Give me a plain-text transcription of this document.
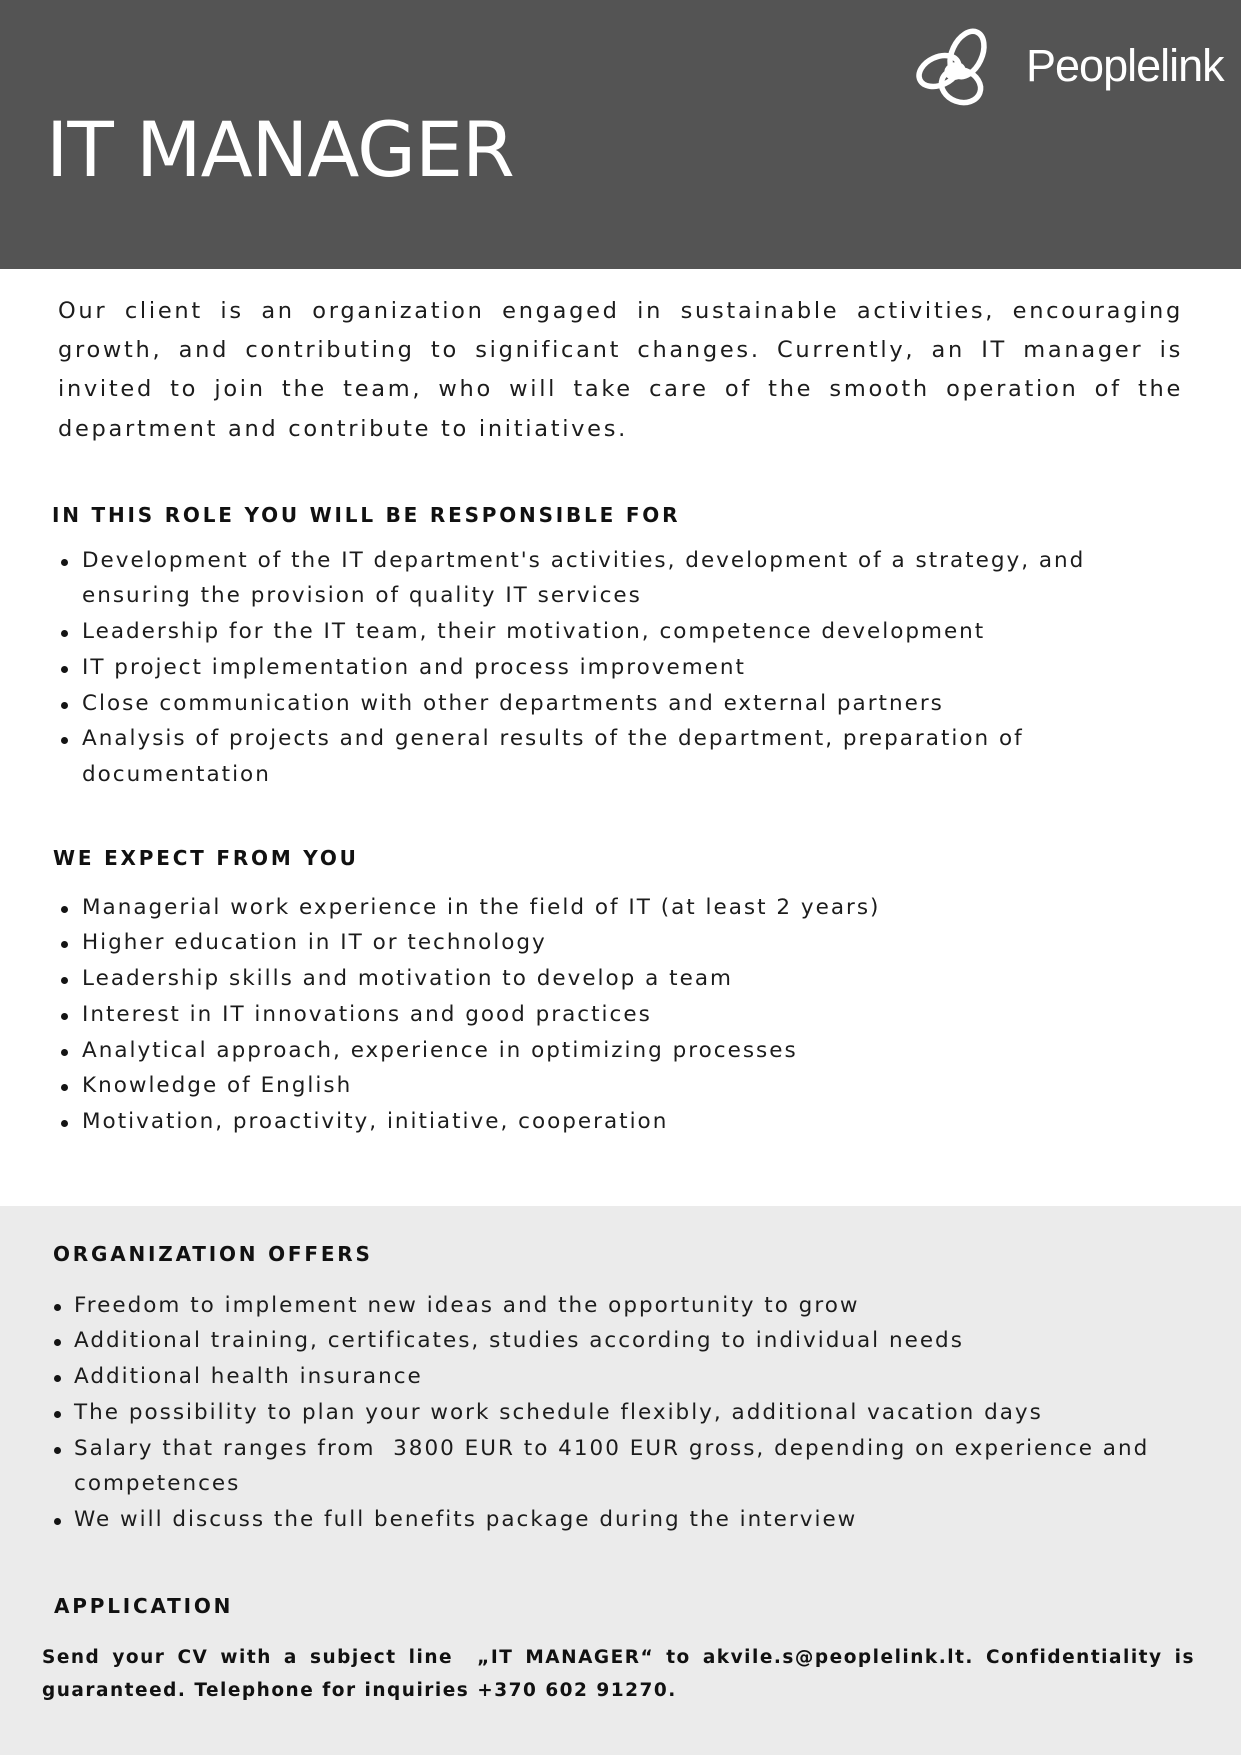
IT MANAGER
Peoplelink

Our client is an organization engaged in sustainable activities, encouraging growth, and contributing to significant changes. Currently, an IT manager is invited to join the team, who will take care of the smooth operation of the department and contribute to initiatives.

IN THIS ROLE YOU WILL BE RESPONSIBLE FOR
Development of the IT department's activities, development of a strategy, and ensuring the provision of quality IT services
Leadership for the IT team, their motivation, competence development
IT project implementation and process improvement
Close communication with other departments and external partners
Analysis of projects and general results of the department, preparation of documentation
WE EXPECT FROM YOU
Managerial work experience in the field of IT (at least 2 years)
Higher education in IT or technology
Leadership skills and motivation to develop a team
Interest in IT innovations and good practices
Analytical approach, experience in optimizing processes
Knowledge of English
Motivation, proactivity, initiative, cooperation
ORGANIZATION OFFERS
Freedom to implement new ideas and the opportunity to grow
Additional training, certificates, studies according to individual needs
Additional health insurance
The possibility to plan your work schedule flexibly, additional vacation days
Salary that ranges from  3800 EUR to 4100 EUR gross, depending on experience and competences
We will discuss the full benefits package during the interview
APPLICATION

Send your CV with a subject line  „IT MANAGER“ to akvile.s@peoplelink.lt. Confidentiality is guaranteed. Telephone for inquiries +370 602 91270.
